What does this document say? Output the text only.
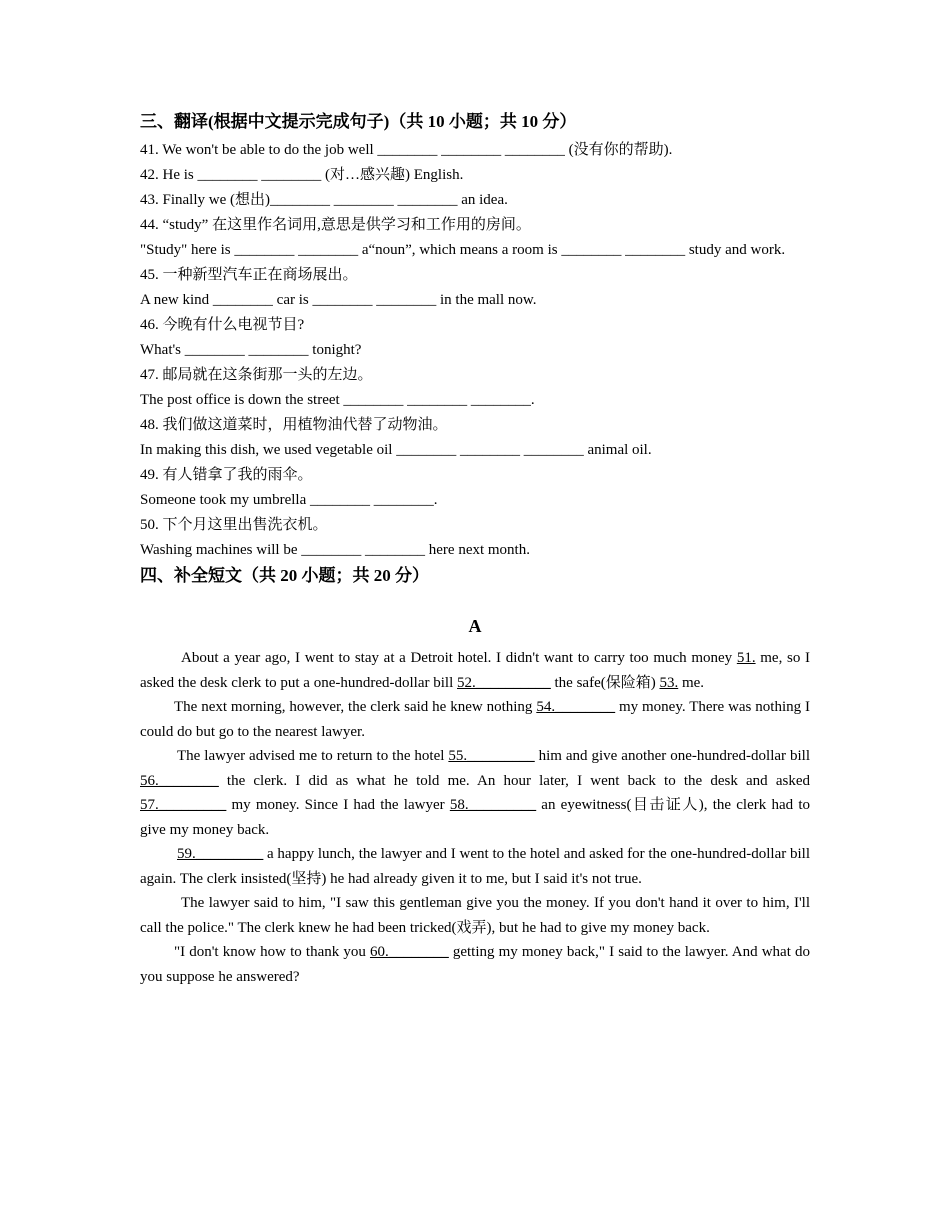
三、翻译(根据中文提示完成句子)（共 10 小题；共 10 分）

41. We won't be able to do the job well ________ ________ ________ (没有你的帮助).

42. He is ________ ________ (对…感兴趣) English.

43. Finally we (想出)________ ________ ________ an idea.

44. “study” 在这里作名词用,意思是供学习和工作用的房间。

"Study" here is ________ ________ a“noun”, which means a room is ________ ________ study and work.

45. 一种新型汽车正在商场展出。

A new kind ________ car is ________ ________ in the mall now.

46. 今晚有什么电视节目?

What's ________ ________ tonight?

47. 邮局就在这条街那一头的左边。

The post office is down the street ________ ________ ________.

48. 我们做这道菜时，用植物油代替了动物油。

In making this dish, we used vegetable oil ________ ________ ________ animal oil.

49. 有人错拿了我的雨伞。

Someone took my umbrella ________ ________.

50. 下个月这里出售洗衣机。

Washing machines will be ________ ________ here next month.

四、补全短文（共 20 小题；共 20 分）
A

About a year ago, I went to stay at a Detroit hotel. I didn't want to carry too much money 51. me, so I asked the desk clerk to put a one-hundred-dollar bill 52.__________ the safe(保险箱) 53. me.

The next morning, however, the clerk said he knew nothing 54.________ my money. There was nothing I could do but go to the nearest lawyer.

The lawyer advised me to return to the hotel 55._________ him and give another one-hundred-dollar bill 56.________ the clerk. I did as what he told me. An hour later, I went back to the desk and asked 57._________ my money. Since I had the lawyer 58._________ an eyewitness(目击证人), the clerk had to give my money back.

59._________ a happy lunch, the lawyer and I went to the hotel and asked for the one-hundred-dollar bill again. The clerk insisted(坚持) he had already given it to me, but I said it's not true.

The lawyer said to him, "I saw this gentleman give you the money. If you don't hand it over to him, I'll call the police." The clerk knew he had been tricked(戏弄), but he had to give my money back.

"I don't know how to thank you 60.________ getting my money back," I said to the lawyer. And what do you suppose he answered?
